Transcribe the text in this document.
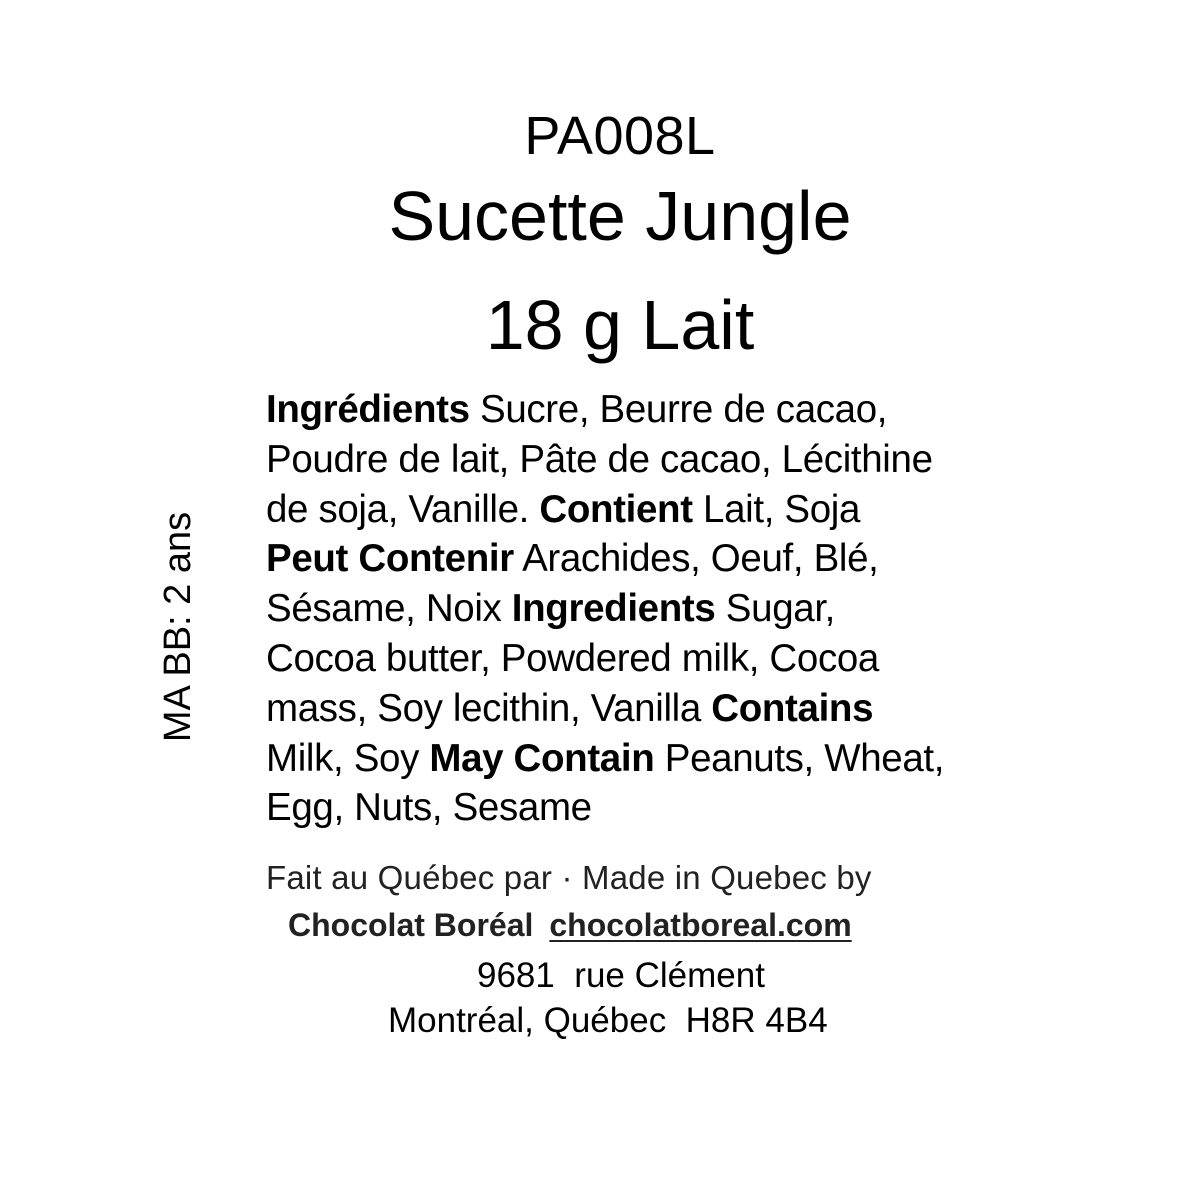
PA008L
Sucette Jungle
18 g Lait
MA BB: 2 ans
Ingrédients Sucre, Beurre de cacao,
Poudre de lait, Pâte de cacao, Lécithine
de soja, Vanille. Contient Lait, Soja
Peut Contenir Arachides, Oeuf, Blé,
Sésame, Noix Ingredients Sugar,
Cocoa butter, Powdered milk, Cocoa
mass, Soy lecithin, Vanilla Contains
Milk, Soy May Contain Peanuts, Wheat,
Egg, Nuts, Sesame
Fait au Québec par · Made in Quebec by
Chocolat Boréal chocolatboreal.com
9681  rue Clément
Montréal, Québec  H8R 4B4
